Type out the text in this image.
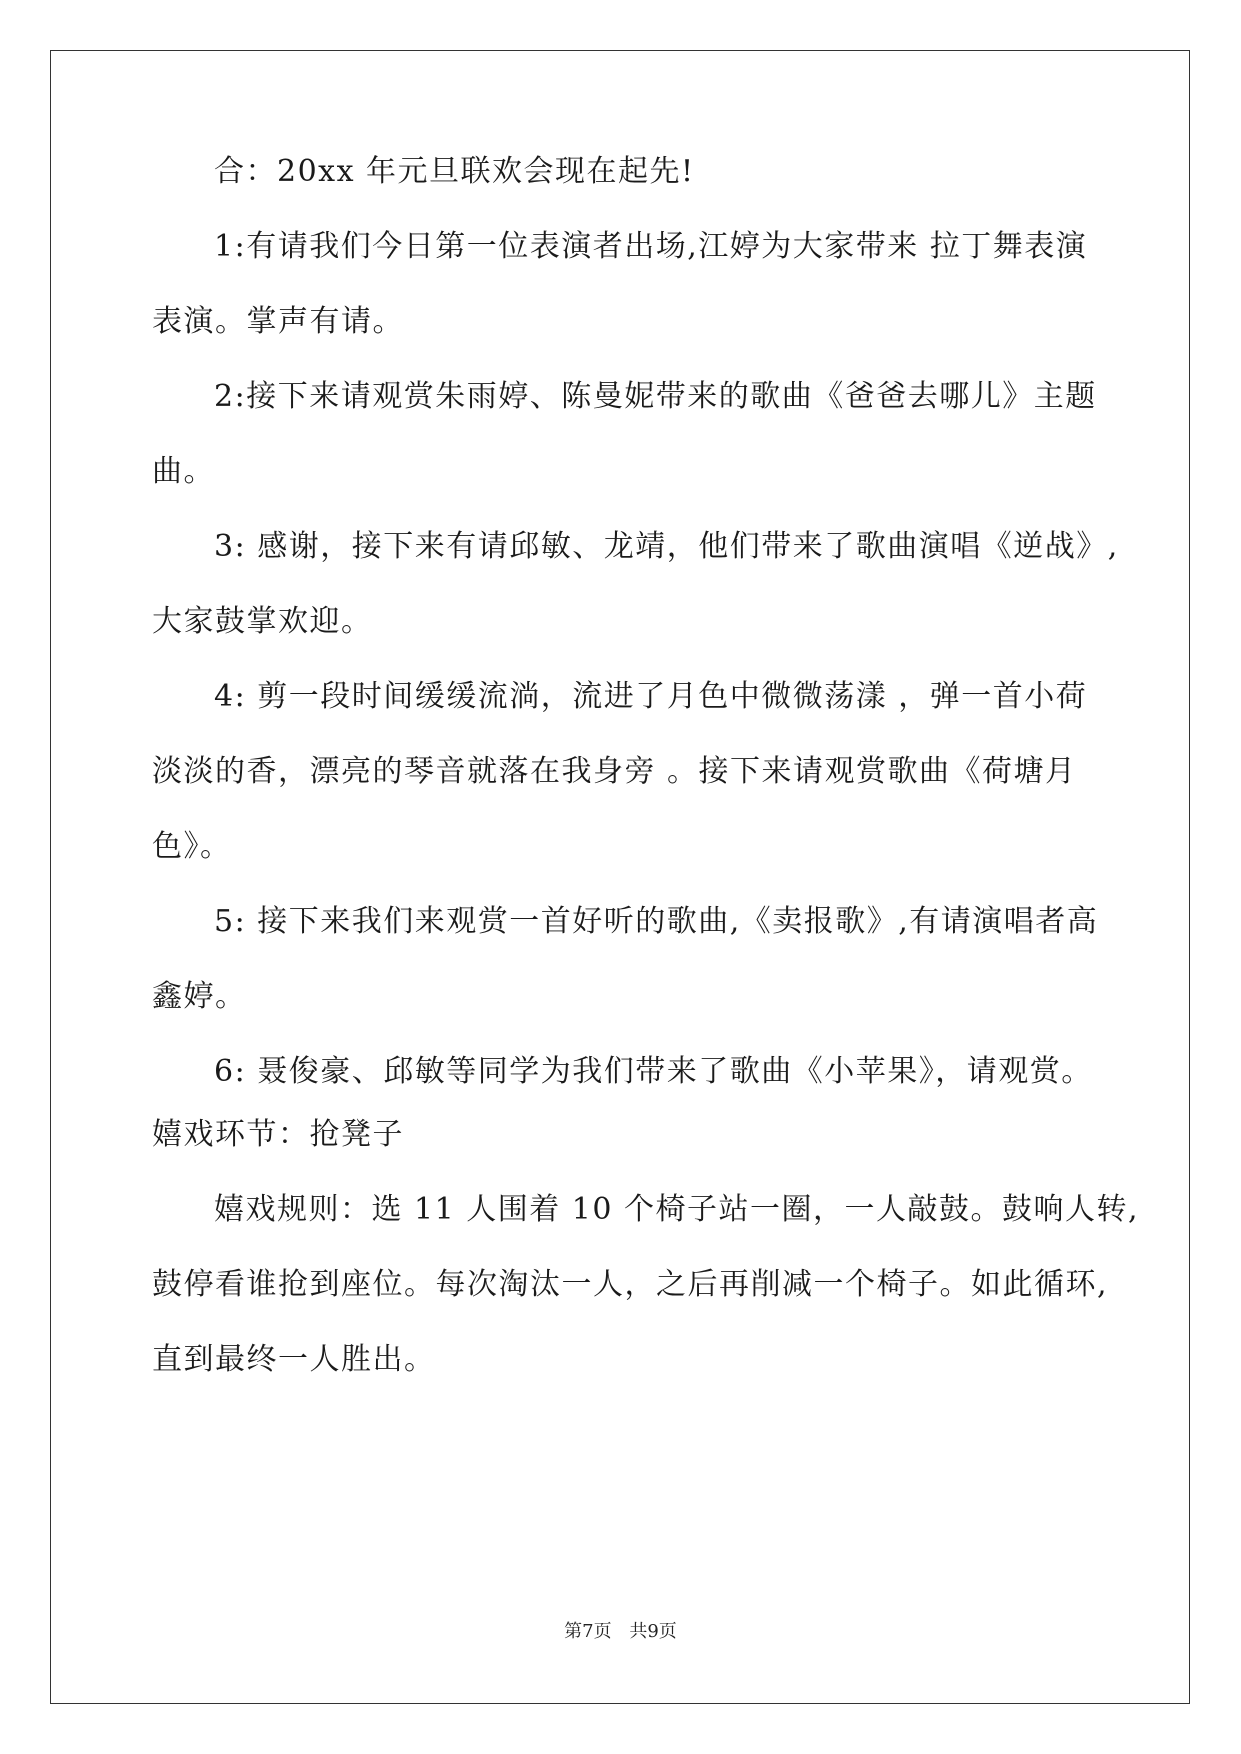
合：20xx 年元旦联欢会现在起先!
1:有请我们今日第一位表演者出场,江婷为大家带来 拉丁舞表演
表演。掌声有请。
2:接下来请观赏朱雨婷、陈曼妮带来的歌曲《爸爸去哪儿》主题
曲。
3: 感谢，接下来有请邱敏、龙靖，他们带来了歌曲演唱《逆战》,
大家鼓掌欢迎。
4: 剪一段时间缓缓流淌，流进了月色中微微荡漾 ，弹一首小荷
淡淡的香，漂亮的琴音就落在我身旁 。接下来请观赏歌曲《荷塘月
色》。
5: 接下来我们来观赏一首好听的歌曲,《卖报歌》,有请演唱者高
鑫婷。
6: 聂俊豪、邱敏等同学为我们带来了歌曲《小苹果》，请观赏。
嬉戏环节：抢凳子
嬉戏规则：选 11 人围着 10 个椅子站一圈，一人敲鼓。鼓响人转,
鼓停看谁抢到座位。每次淘汰一人，之后再削减一个椅子。如此循环,
直到最终一人胜出。
第7页 共9页
